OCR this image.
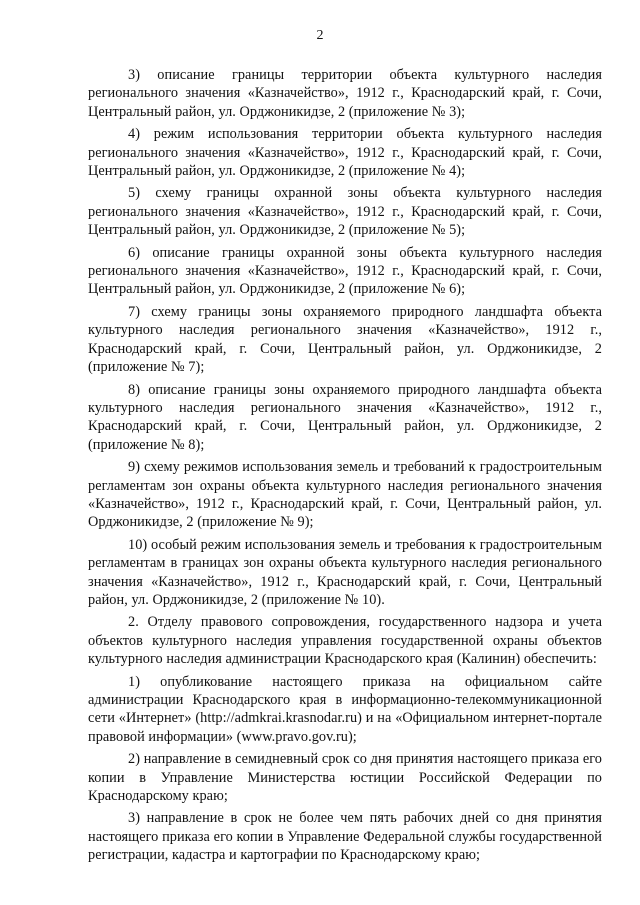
2

3) описание границы территории объекта культурного наследия регионального значения «Казначейство», 1912 г., Краснодарский край, г. Сочи, Центральный район, ул. Орджоникидзе, 2 (приложение № 3);

4) режим использования территории объекта культурного наследия регионального значения «Казначейство», 1912 г., Краснодарский край, г. Сочи, Центральный район, ул. Орджоникидзе, 2 (приложение № 4);

5) схему границы охранной зоны объекта культурного наследия регионального значения «Казначейство», 1912 г., Краснодарский край, г. Сочи, Центральный район, ул. Орджоникидзе, 2 (приложение № 5);

6) описание границы охранной зоны объекта культурного наследия регионального значения «Казначейство», 1912 г., Краснодарский край, г. Сочи, Центральный район, ул. Орджоникидзе, 2 (приложение № 6);

7) схему границы зоны охраняемого природного ландшафта объекта культурного наследия регионального значения «Казначейство», 1912 г., Краснодарский край, г. Сочи, Центральный район, ул. Орджоникидзе, 2 (приложение № 7);

8) описание границы зоны охраняемого природного ландшафта объекта культурного наследия регионального значения «Казначейство», 1912 г., Краснодарский край, г. Сочи, Центральный район, ул. Орджоникидзе, 2 (приложение № 8);

9) схему режимов использования земель и требований к градостроительным регламентам зон охраны объекта культурного наследия регионального значения «Казначейство», 1912 г., Краснодарский край, г. Сочи, Центральный район, ул. Орджоникидзе, 2 (приложение № 9);

10) особый режим использования земель и требования к градостроительным регламентам в границах зон охраны объекта культурного наследия регионального значения «Казначейство», 1912 г., Краснодарский край, г. Сочи, Центральный район, ул. Орджоникидзе, 2 (приложение № 10).

2. Отделу правового сопровождения, государственного надзора и учета объектов культурного наследия управления государственной охраны объектов культурного наследия администрации Краснодарского края (Калинин) обеспечить:

1) опубликование настоящего приказа на официальном сайте администрации Краснодарского края в информационно-телекоммуникационной сети «Интернет» (http://admkrai.krasnodar.ru) и на «Официальном интернет-портале правовой информации» (www.pravo.gov.ru);

2) направление в семидневный срок со дня принятия настоящего приказа его копии в Управление Министерства юстиции Российской Федерации по Краснодарскому краю;

3) направление в срок не более чем пять рабочих дней со дня принятия настоящего приказа его копии в Управление Федеральной службы государственной регистрации, кадастра и картографии по Краснодарскому краю;
